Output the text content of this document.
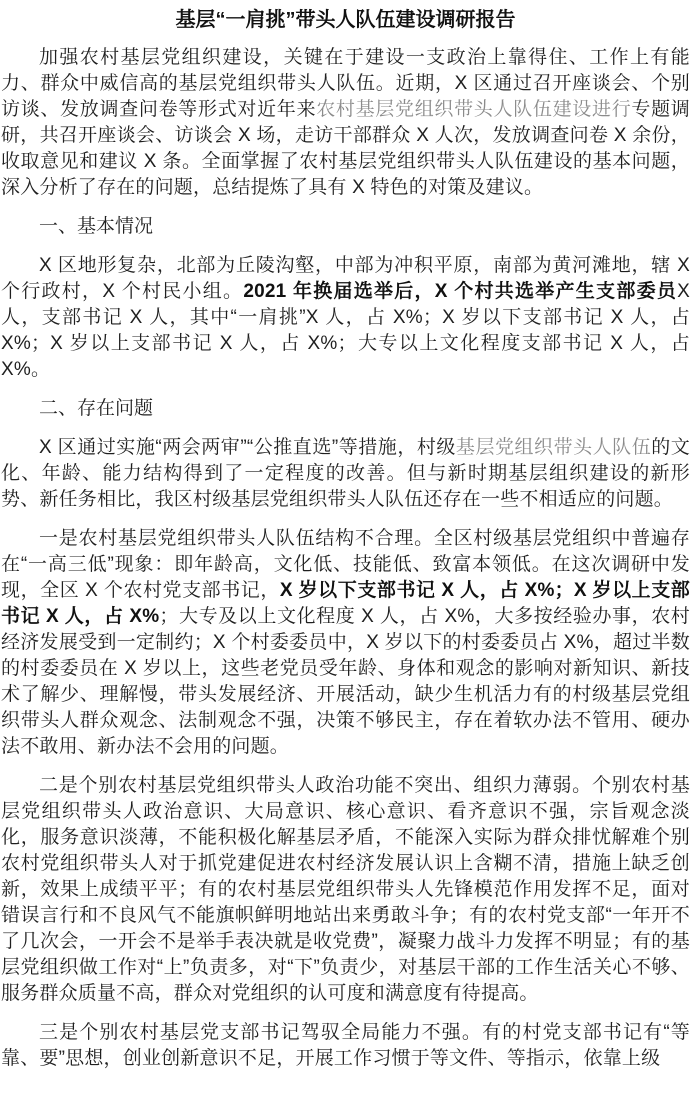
基层“一肩挑”带头人队伍建设调研报告

加强农村基层党组织建设，关键在于建设一支政治上靠得住、工作上有能力、群众中威信高的基层党组织带头人队伍。近期，X 区通过召开座谈会、个别访谈、发放调查问卷等形式对近年来农村基层党组织带头人队伍建设进行专题调研，共召开座谈会、访谈会 X 场，走访干部群众 X 人次，发放调查问卷 X 余份，收取意见和建议 X 条。全面掌握了农村基层党组织带头人队伍建设的基本问题，深入分析了存在的问题，总结提炼了具有 X 特色的对策及建议。

一、基本情况

X 区地形复杂，北部为丘陵沟壑，中部为冲积平原，南部为黄河滩地，辖 X 个行政村，X 个村民小组。2021 年换届选举后，X 个村共选举产生支部委员X 人，支部书记 X 人，其中“一肩挑”X 人，占 X%；X 岁以下支部书记 X 人，占 X%；X 岁以上支部书记 X 人，占 X%；大专以上文化程度支部书记 X 人，占 X%。

二、存在问题

X 区通过实施“两会两审”“公推直选”等措施，村级基层党组织带头人队伍的文化、年龄、能力结构得到了一定程度的改善。但与新时期基层组织建设的新形势、新任务相比，我区村级基层党组织带头人队伍还存在一些不相适应的问题。

一是农村基层党组织带头人队伍结构不合理。全区村级基层党组织中普遍存在“一高三低”现象：即年龄高，文化低、技能低、致富本领低。在这次调研中发现，全区 X 个农村党支部书记，X 岁以下支部书记 X 人，占 X%；X 岁以上支部书记 X 人，占 X%；大专及以上文化程度 X 人，占 X%，大多按经验办事，农村经济发展受到一定制约；X 个村委委员中，X 岁以下的村委委员占 X%，超过半数的村委委员在 X 岁以上，这些老党员受年龄、身体和观念的影响对新知识、新技术了解少、理解慢，带头发展经济、开展活动，缺少生机活力有的村级基层党组织带头人群众观念、法制观念不强，决策不够民主，存在着软办法不管用、硬办法不敢用、新办法不会用的问题。

二是个别农村基层党组织带头人政治功能不突出、组织力薄弱。个别农村基层党组织带头人政治意识、大局意识、核心意识、看齐意识不强，宗旨观念淡化，服务意识淡薄，不能积极化解基层矛盾，不能深入实际为群众排忧解难个别农村党组织带头人对于抓党建促进农村经济发展认识上含糊不清，措施上缺乏创新，效果上成绩平平；有的农村基层党组织带头人先锋模范作用发挥不足，面对错误言行和不良风气不能旗帜鲜明地站出来勇敢斗争；有的农村党支部“一年开不了几次会，一开会不是举手表决就是收党费”，凝聚力战斗力发挥不明显；有的基层党组织做工作对“上”负责多，对“下”负责少，对基层干部的工作生活关心不够、服务群众质量不高，群众对党组织的认可度和满意度有待提高。

三是个别农村基层党支部书记驾驭全局能力不强。有的村党支部书记有“等靠、要”思想，创业创新意识不足，开展工作习惯于等文件、等指示，依靠上级
